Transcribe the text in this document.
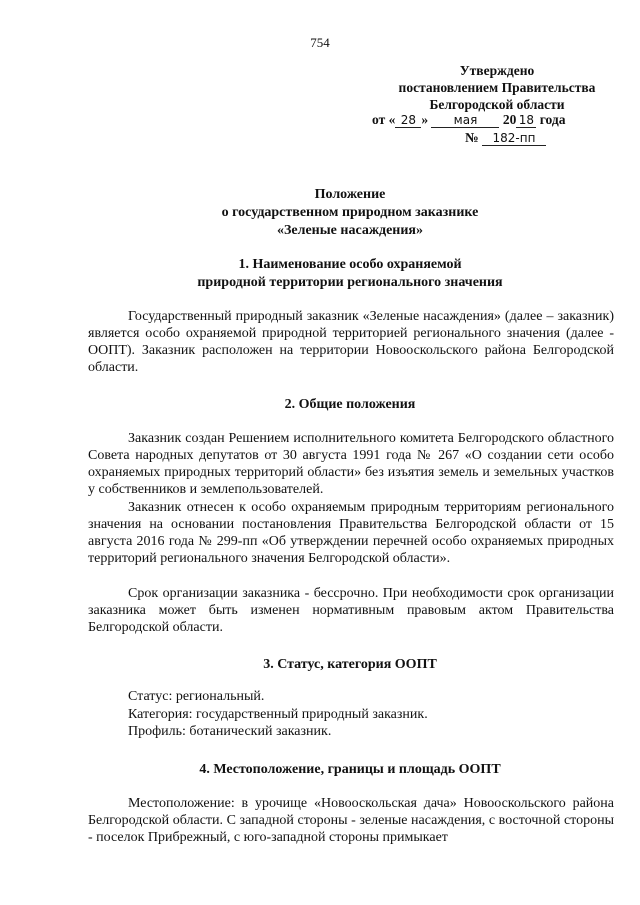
754
Утверждено
постановлением Правительства
Белгородской области
от « 28 » мая 20 18 года
№ 182-пп
Положение
о государственном природном заказнике
«Зеленые насаждения»
1. Наименование особо охраняемой
природной территории регионального значения
Государственный природный заказник «Зеленые насаждения» (далее – заказник) является особо охраняемой природной территорией регионального значения (далее - ООПТ). Заказник расположен на территории Новооскольского района Белгородской области.
2. Общие положения
Заказник создан Решением исполнительного комитета Белгородского областного Совета народных депутатов от 30 августа 1991 года № 267 «О создании сети особо охраняемых природных территорий области» без изъятия земель и земельных участков у собственников и землепользователей.
Заказник отнесен к особо охраняемым природным территориям регионального значения на основании постановления Правительства Белгородской области от 15 августа 2016 года № 299-пп «Об утверждении перечней особо охраняемых природных территорий регионального значения Белгородской области».
Срок организации заказника - бессрочно. При необходимости срок организации заказника может быть изменен нормативным правовым актом Правительства Белгородской области.
3. Статус, категория ООПТ
Статус: региональный.
Категория: государственный природный заказник.
Профиль: ботанический заказник.
4. Местоположение, границы и площадь ООПТ
Местоположение: в урочище «Новооскольская дача» Новооскольского района Белгородской области. С западной стороны - зеленые насаждения, с восточной стороны - поселок Прибрежный, с юго-западной стороны примыкает
